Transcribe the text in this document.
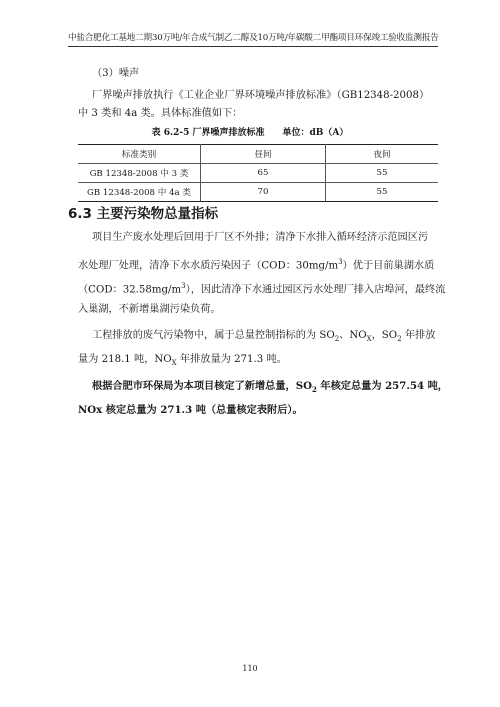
中盐合肥化工基地二期30万吨/年合成气制乙二醇及10万吨/年碳酸二甲酯项目环保竣工验收监测报告
（3）噪声
厂界噪声排放执行《工业企业厂界环境噪声排放标准》（GB12348-2008）
中 3 类和 4a 类。具体标准值如下：
表 6.2-5 厂界噪声排放标准　　单位：dB（A）
标准类别	昼间	夜间
GB 12348-2008 中 3 类	65	55
GB 12348-2008 中 4a 类	70	55
6.3 主要污染物总量指标
项目生产废水处理后回用于厂区不外排；清净下水排入循环经济示范园区污
水处理厂处理，清净下水水质污染因子（COD：$30mg/m^3$）优于目前巢湖水质
（COD：$32.58mg/m^3$），因此清净下水通过园区污水处理厂排入店埠河，最终流
入巢湖，不新增巢湖污染负荷。
工程排放的废气污染物中，属于总量控制指标的为 $SO_2$、$NO_X$，$SO_2$ 年排放
量为 218.1 吨，$NO_X$ 年排放量为 271.3 吨。
根据合肥市环保局为本项目核定了新增总量，$SO_2$ 年核定总量为 257.54 吨，
NOx 核定总量为 271.3 吨（总量核定表附后）。
110
